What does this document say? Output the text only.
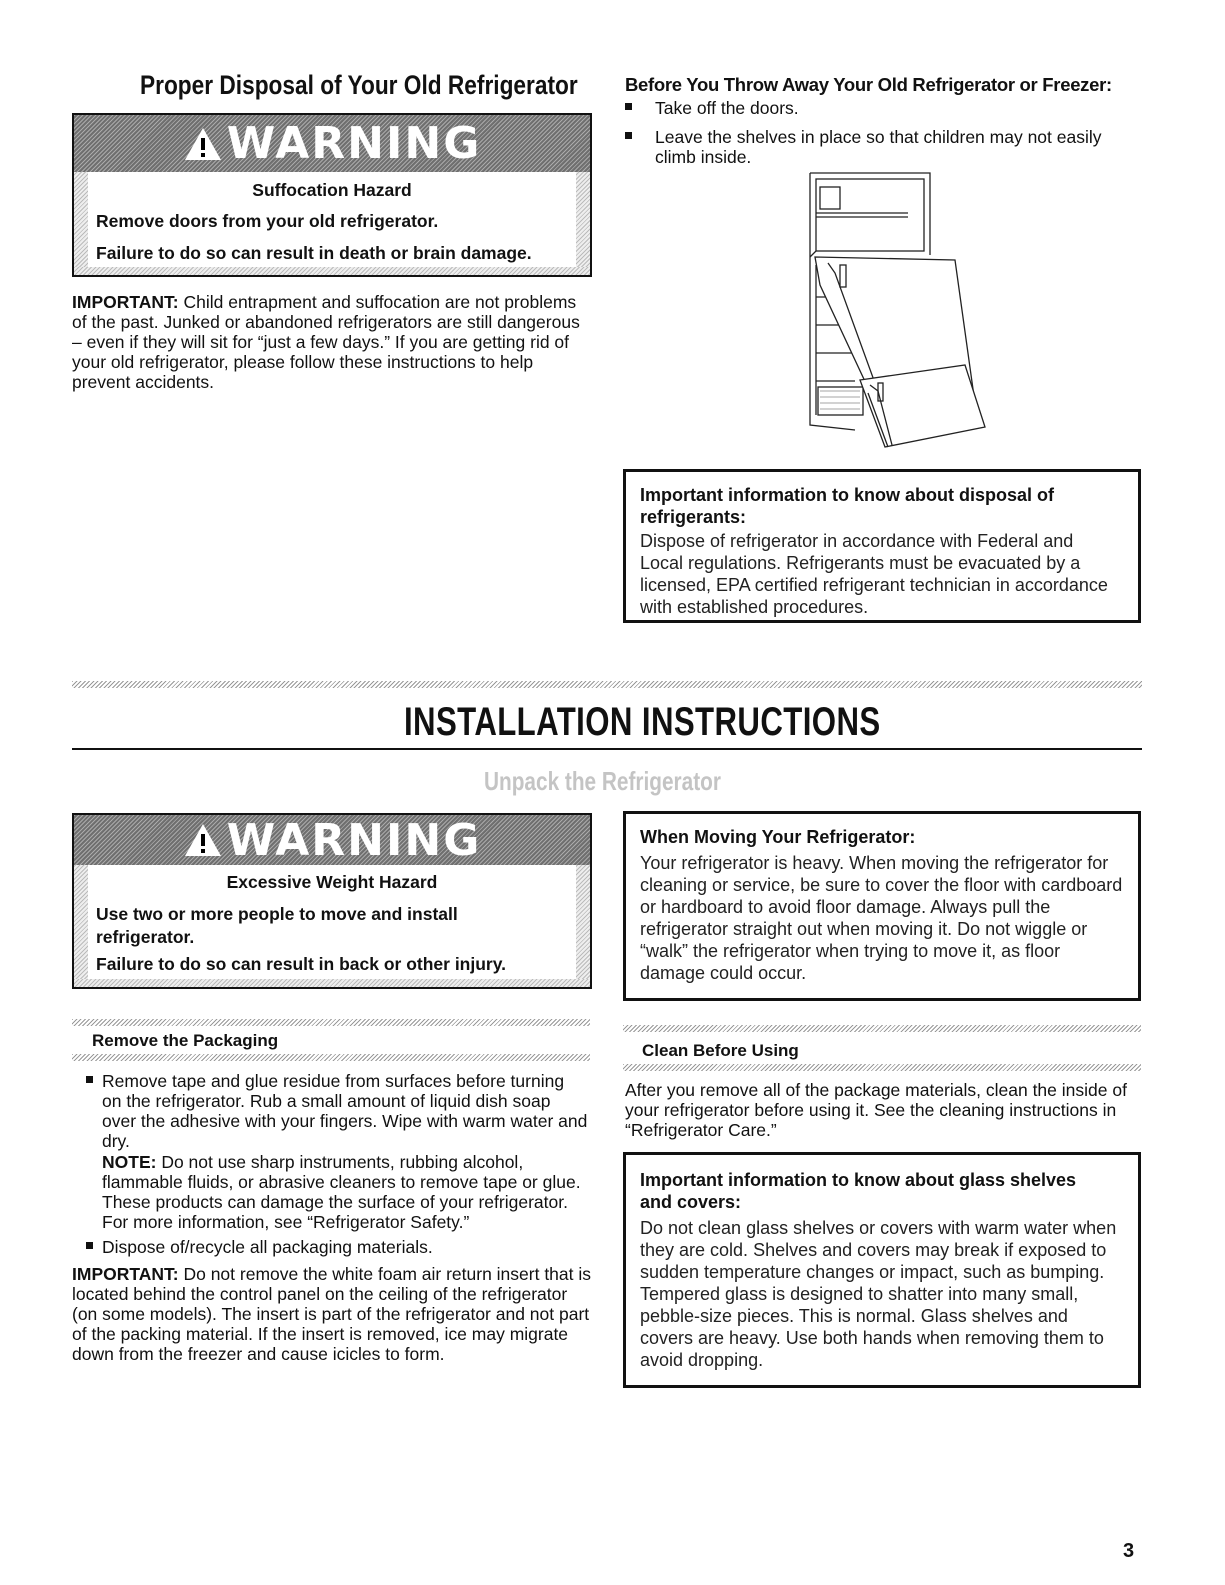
Proper Disposal of Your Old Refrigerator
WARNING
Suffocation Hazard
Remove doors from your old refrigerator.
Failure to do so can result in death or brain damage.
IMPORTANT: Child entrapment and suffocation are not problems of the past. Junked or abandoned refrigerators are still dangerous – even if they will sit for “just a few days.” If you are getting rid of your old refrigerator, please follow these instructions to help prevent accidents.
Before You Throw Away Your Old Refrigerator or Freezer:
Take off the doors.
Leave the shelves in place so that children may not easily climb inside.
Important information to know about disposal of refrigerants:
Dispose of refrigerator in accordance with Federal and Local regulations. Refrigerants must be evacuated by a licensed, EPA certified refrigerant technician in accordance with established procedures.
INSTALLATION INSTRUCTIONS
Unpack the Refrigerator
WARNING
Excessive Weight Hazard
Use two or more people to move and install refrigerator.
Failure to do so can result in back or other injury.
When Moving Your Refrigerator:
Your refrigerator is heavy. When moving the refrigerator for cleaning or service, be sure to cover the floor with cardboard or hardboard to avoid floor damage. Always pull the refrigerator straight out when moving it. Do not wiggle or “walk” the refrigerator when trying to move it, as floor damage could occur.
Remove the Packaging
Remove tape and glue residue from surfaces before turning on the refrigerator. Rub a small amount of liquid dish soap over the adhesive with your fingers. Wipe with warm water and dry.
NOTE: Do not use sharp instruments, rubbing alcohol, flammable fluids, or abrasive cleaners to remove tape or glue. These products can damage the surface of your refrigerator. For more information, see “Refrigerator Safety.”
Dispose of/recycle all packaging materials.
IMPORTANT: Do not remove the white foam air return insert that is located behind the control panel on the ceiling of the refrigerator (on some models). The insert is part of the refrigerator and not part of the packing material. If the insert is removed, ice may migrate down from the freezer and cause icicles to form.
Clean Before Using
After you remove all of the package materials, clean the inside of your refrigerator before using it. See the cleaning instructions in “Refrigerator Care.”
Important information to know about glass shelves and covers:
Do not clean glass shelves or covers with warm water when they are cold. Shelves and covers may break if exposed to sudden temperature changes or impact, such as bumping. Tempered glass is designed to shatter into many small, pebble-size pieces. This is normal. Glass shelves and covers are heavy. Use both hands when removing them to avoid dropping.
3
